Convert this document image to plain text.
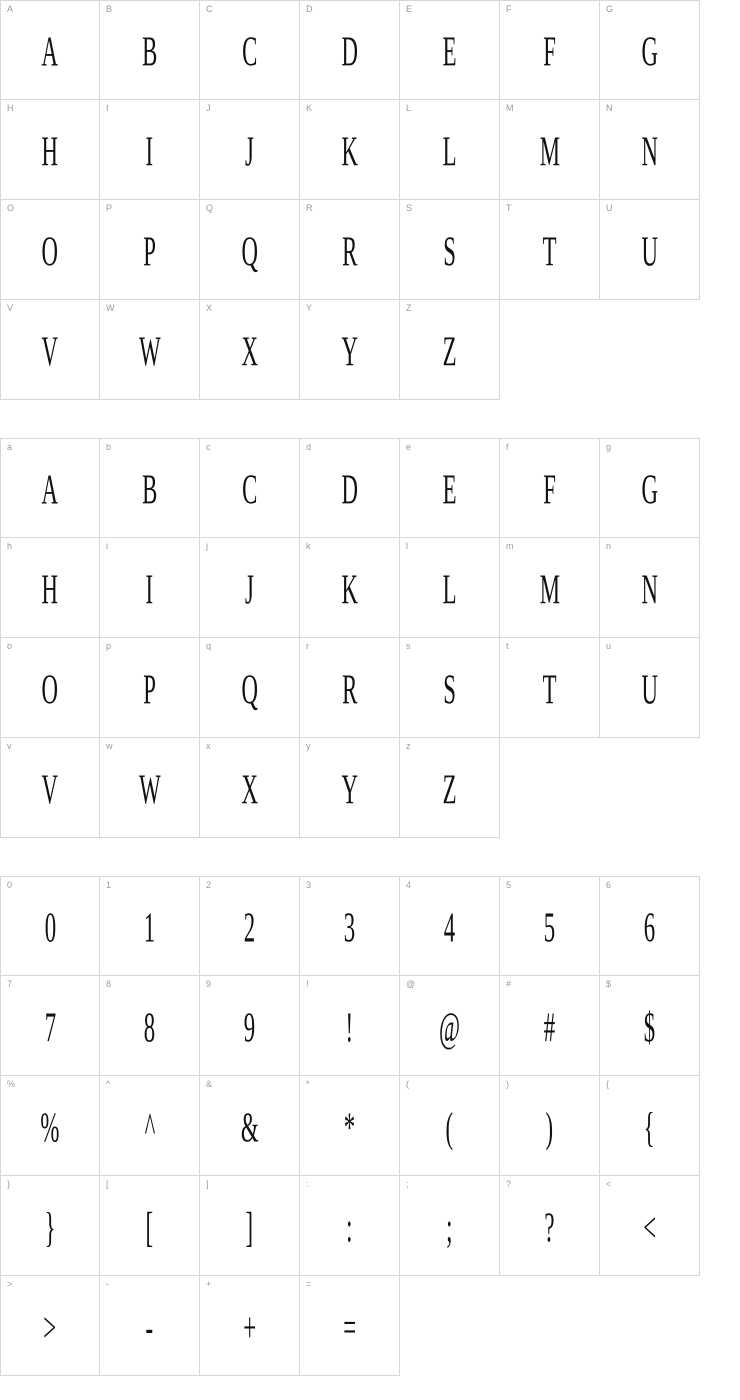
A
A
B
B
C
C
D
D
E
E
F
F
G
G
H
H
I
I
J
J
K
K
L
L
M
M
N
N
O
O
P
P
Q
Q
R
R
S
S
T
T
U
U
V
V
W
W
X
X
Y
Y
Z
Z
a
A
b
B
c
C
d
D
e
E
f
F
g
G
h
H
i
I
j
J
k
K
l
L
m
M
n
N
o
O
p
P
q
Q
r
R
s
S
t
T
u
U
v
V
w
W
x
X
y
Y
z
Z
0
0
1
1
2
2
3
3
4
4
5
5
6
6
7
7
8
8
9
9
!
!
@
@
#
#
$
$
%
%
^
^
&
&
*
*
(
(
)
)
{
{
}
}
[
[
]
]
:
:
;
;
?
?
<
<
>
>
-
-
+
+
=
=
